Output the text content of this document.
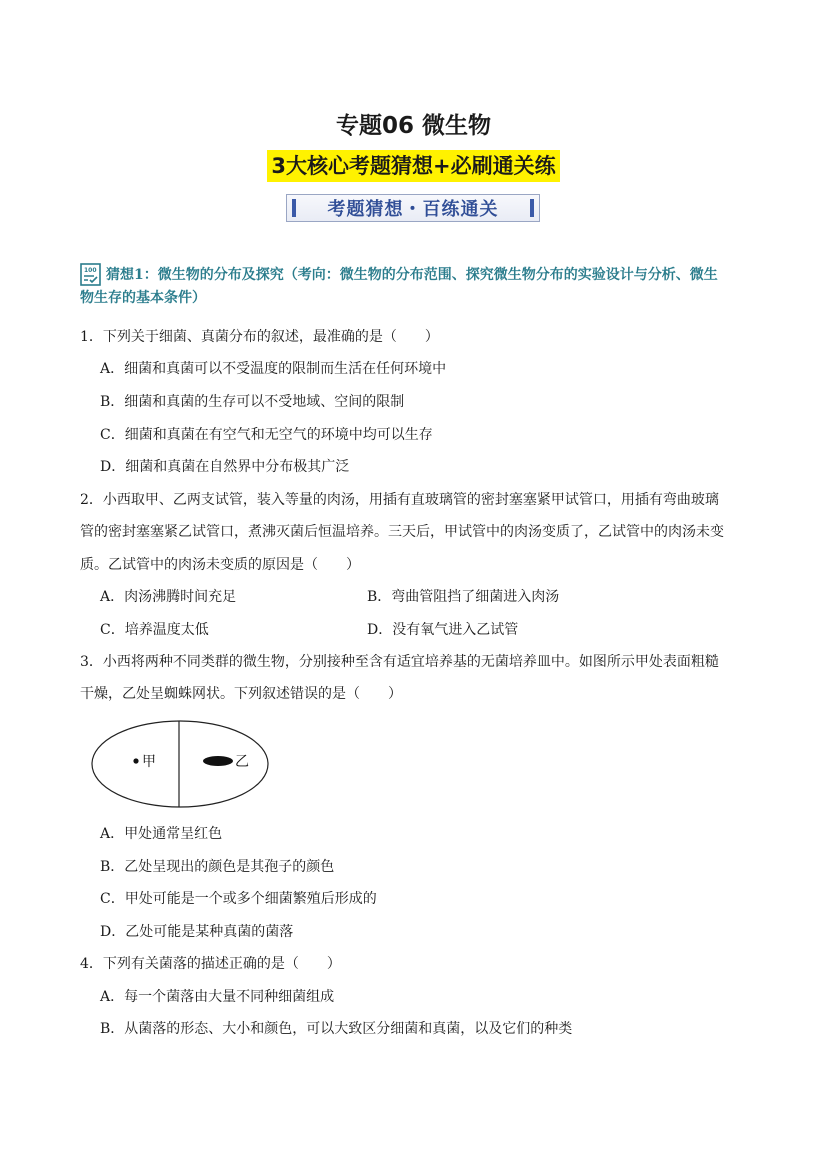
专题06 微生物
3大核心考题猜想+必刷通关练
考题猜想・百练通关
100 猜想1：微生物的分布及探究（考向：微生物的分布范围、探究微生物分布的实验设计与分析、微生
物生存的基本条件）
1．下列关于细菌、真菌分布的叙述，最准确的是（　　）
A．细菌和真菌可以不受温度的限制而生活在任何环境中
B．细菌和真菌的生存可以不受地域、空间的限制
C．细菌和真菌在有空气和无空气的环境中均可以生存
D．细菌和真菌在自然界中分布极其广泛
2．小西取甲、乙两支试管，装入等量的肉汤，用插有直玻璃管的密封塞塞紧甲试管口，用插有弯曲玻璃
管的密封塞塞紧乙试管口，煮沸灭菌后恒温培养。三天后，甲试管中的肉汤变质了，乙试管中的肉汤未变
质。乙试管中的肉汤未变质的原因是（　　）
A．肉汤沸腾时间充足	B．弯曲管阻挡了细菌进入肉汤
C．培养温度太低	D．没有氧气进入乙试管
3．小西将两种不同类群的微生物，分别接种至含有适宜培养基的无菌培养皿中。如图所示甲处表面粗糙
干燥，乙处呈蜘蛛网状。下列叙述错误的是（　　）
甲	乙
A．甲处通常呈红色
B．乙处呈现出的颜色是其孢子的颜色
C．甲处可能是一个或多个细菌繁殖后形成的
D．乙处可能是某种真菌的菌落
4．下列有关菌落的描述正确的是（　　）
A．每一个菌落由大量不同种细菌组成
B．从菌落的形态、大小和颜色，可以大致区分细菌和真菌，以及它们的种类
